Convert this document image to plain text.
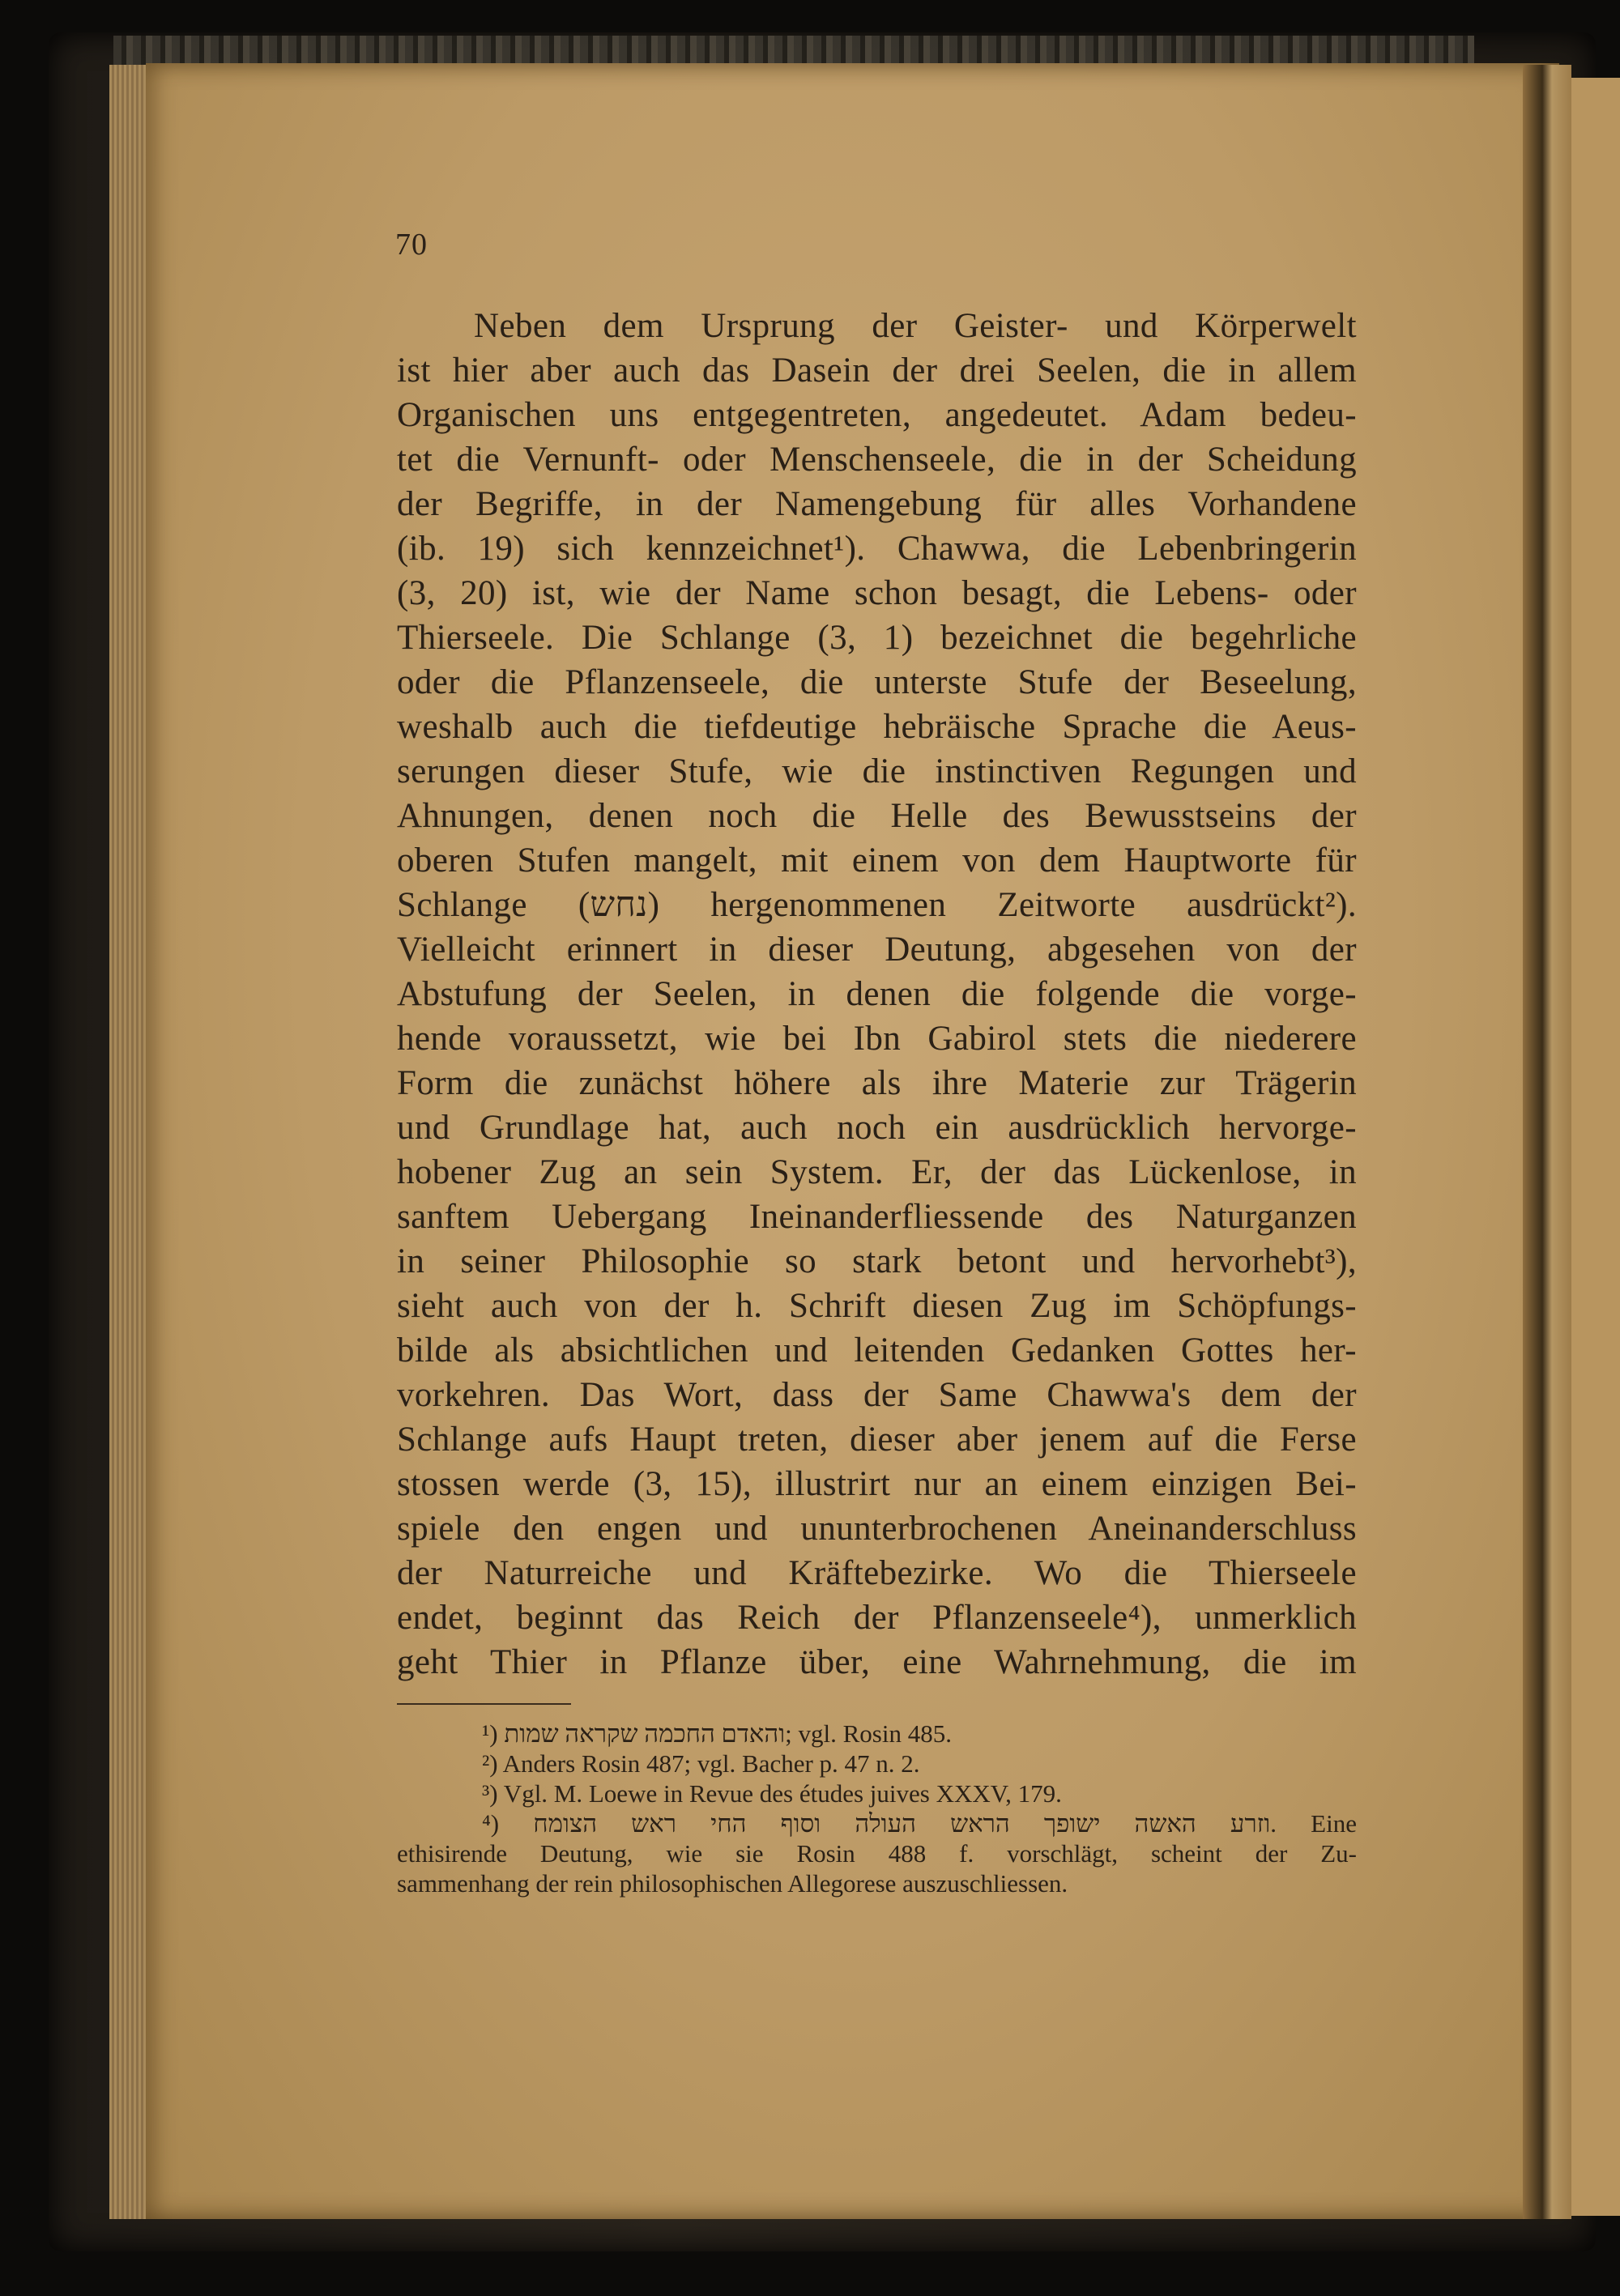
70
Neben dem Ursprung der Geister- und Körperwelt
ist hier aber auch das Dasein der drei Seelen, die in allem
Organischen uns entgegentreten, angedeutet. Adam bedeu-
tet die Vernunft- oder Menschenseele, die in der Scheidung
der Begriffe, in der Namengebung für alles Vorhandene
(ib. 19) sich kennzeichnet¹). Chawwa, die Lebenbringerin
(3, 20) ist, wie der Name schon besagt, die Lebens- oder
Thierseele. Die Schlange (3, 1) bezeichnet die begehrliche
oder die Pflanzenseele, die unterste Stufe der Beseelung,
weshalb auch die tiefdeutige hebräische Sprache die Aeus-
serungen dieser Stufe, wie die instinctiven Regungen und
Ahnungen, denen noch die Helle des Bewusstseins der
oberen Stufen mangelt, mit einem von dem Hauptworte für
Schlange (נחש) hergenommenen Zeitworte ausdrückt²).
Vielleicht erinnert in dieser Deutung, abgesehen von der
Abstufung der Seelen, in denen die folgende die vorge-
hende voraussetzt, wie bei Ibn Gabirol stets die niederere
Form die zunächst höhere als ihre Materie zur Trägerin
und Grundlage hat, auch noch ein ausdrücklich hervorge-
hobener Zug an sein System. Er, der das Lückenlose, in
sanftem Uebergang Ineinanderfliessende des Naturganzen
in seiner Philosophie so stark betont und hervorhebt³),
sieht auch von der h. Schrift diesen Zug im Schöpfungs-
bilde als absichtlichen und leitenden Gedanken Gottes her-
vorkehren. Das Wort, dass der Same Chawwa's dem der
Schlange aufs Haupt treten, dieser aber jenem auf die Ferse
stossen werde (3, 15), illustrirt nur an einem einzigen Bei-
spiele den engen und ununterbrochenen Aneinanderschluss
der Naturreiche und Kräftebezirke. Wo die Thierseele
endet, beginnt das Reich der Pflanzenseele⁴), unmerklich
geht Thier in Pflanze über, eine Wahrnehmung, die im
¹) והאדם החכמה שקראה שמות; vgl. Rosin 485.
²) Anders Rosin 487; vgl. Bacher p. 47 n. 2.
³) Vgl. M. Loewe in Revue des études juives XXXV, 179.
⁴) וזרע האשה ישופך הראש העולה וסוף החי ראש הצומח. Eine
ethisirende Deutung, wie sie Rosin 488 f. vorschlägt, scheint der Zu-
sammenhang der rein philosophischen Allegorese auszuschliessen.
